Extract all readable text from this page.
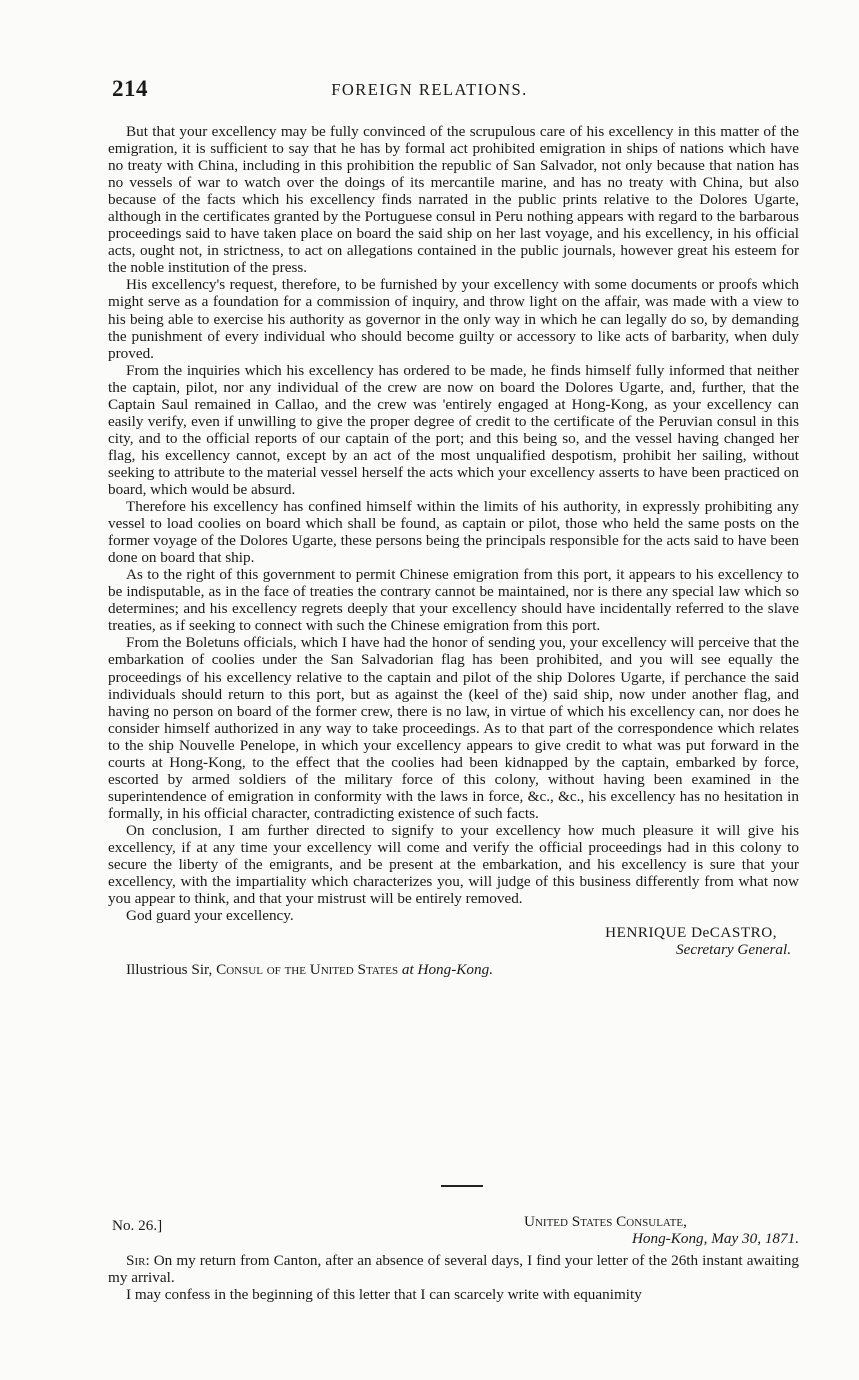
214	FOREIGN RELATIONS.

But that your excellency may be fully convinced of the scrupulous care of his excellency in this matter of the emigration, it is sufficient to say that he has by formal act prohibited emigration in ships of nations which have no treaty with China, including in this prohibition the republic of San Salvador, not only because that nation has no vessels of war to watch over the doings of its mercantile marine, and has no treaty with China, but also because of the facts which his excellency finds narrated in the public prints relative to the Dolores Ugarte, although in the certificates granted by the Portuguese consul in Peru nothing appears with regard to the barbarous proceedings said to have taken place on board the said ship on her last voyage, and his excellency, in his official acts, ought not, in strictness, to act on allegations contained in the public journals, however great his esteem for the noble institution of the press.

His excellency's request, therefore, to be furnished by your excellency with some documents or proofs which might serve as a foundation for a commission of inquiry, and throw light on the affair, was made with a view to his being able to exercise his authority as governor in the only way in which he can legally do so, by demanding the punishment of every individual who should become guilty or accessory to like acts of barbarity, when duly proved.

From the inquiries which his excellency has ordered to be made, he finds himself fully informed that neither the captain, pilot, nor any individual of the crew are now on board the Dolores Ugarte, and, further, that the Captain Saul remained in Callao, and the crew was 'entirely engaged at Hong-Kong, as your excellency can easily verify, even if unwilling to give the proper degree of credit to the certificate of the Peruvian consul in this city, and to the official reports of our captain of the port; and this being so, and the vessel having changed her flag, his excellency cannot, except by an act of the most unqualified despotism, prohibit her sailing, without seeking to attribute to the material vessel herself the acts which your excellency asserts to have been practiced on board, which would be absurd.

Therefore his excellency has confined himself within the limits of his authority, in expressly prohibiting any vessel to load coolies on board which shall be found, as captain or pilot, those who held the same posts on the former voyage of the Dolores Ugarte, these persons being the principals responsible for the acts said to have been done on board that ship.

As to the right of this government to permit Chinese emigration from this port, it appears to his excellency to be indisputable, as in the face of treaties the contrary cannot be maintained, nor is there any special law which so determines; and his excellency regrets deeply that your excellency should have incidentally referred to the slave treaties, as if seeking to connect with such the Chinese emigration from this port.

From the Boletuns officials, which I have had the honor of sending you, your excellency will perceive that the embarkation of coolies under the San Salvadorian flag has been prohibited, and you will see equally the proceedings of his excellency relative to the captain and pilot of the ship Dolores Ugarte, if perchance the said individuals should return to this port, but as against the (keel of the) said ship, now under another flag, and having no person on board of the former crew, there is no law, in virtue of which his excellency can, nor does he consider himself authorized in any way to take proceedings. As to that part of the correspondence which relates to the ship Nouvelle Penelope, in which your excellency appears to give credit to what was put forward in the courts at Hong-Kong, to the effect that the coolies had been kidnapped by the captain, embarked by force, escorted by armed soldiers of the military force of this colony, without having been examined in the superintendence of emigration in conformity with the laws in force, &c., &c., his excellency has no hesitation in formally, in his official character, contradicting existence of such facts.

On conclusion, I am further directed to signify to your excellency how much pleasure it will give his excellency, if at any time your excellency will come and verify the official proceedings had in this colony to secure the liberty of the emigrants, and be present at the embarkation, and his excellency is sure that your excellency, with the impartiality which characterizes you, will judge of this business differently from what now you appear to think, and that your mistrust will be entirely removed.

God guard your excellency.

HENRIQUE DeCASTRO,
Secretary General.
Illustrious Sir, Consul of the United States at Hong-Kong.
No. 26.]	United States Consulate,
Hong-Kong, May 30, 1871.

Sir: On my return from Canton, after an absence of several days, I find your letter of the 26th instant awaiting my arrival.

I may confess in the beginning of this letter that I can scarcely write with equanimity
